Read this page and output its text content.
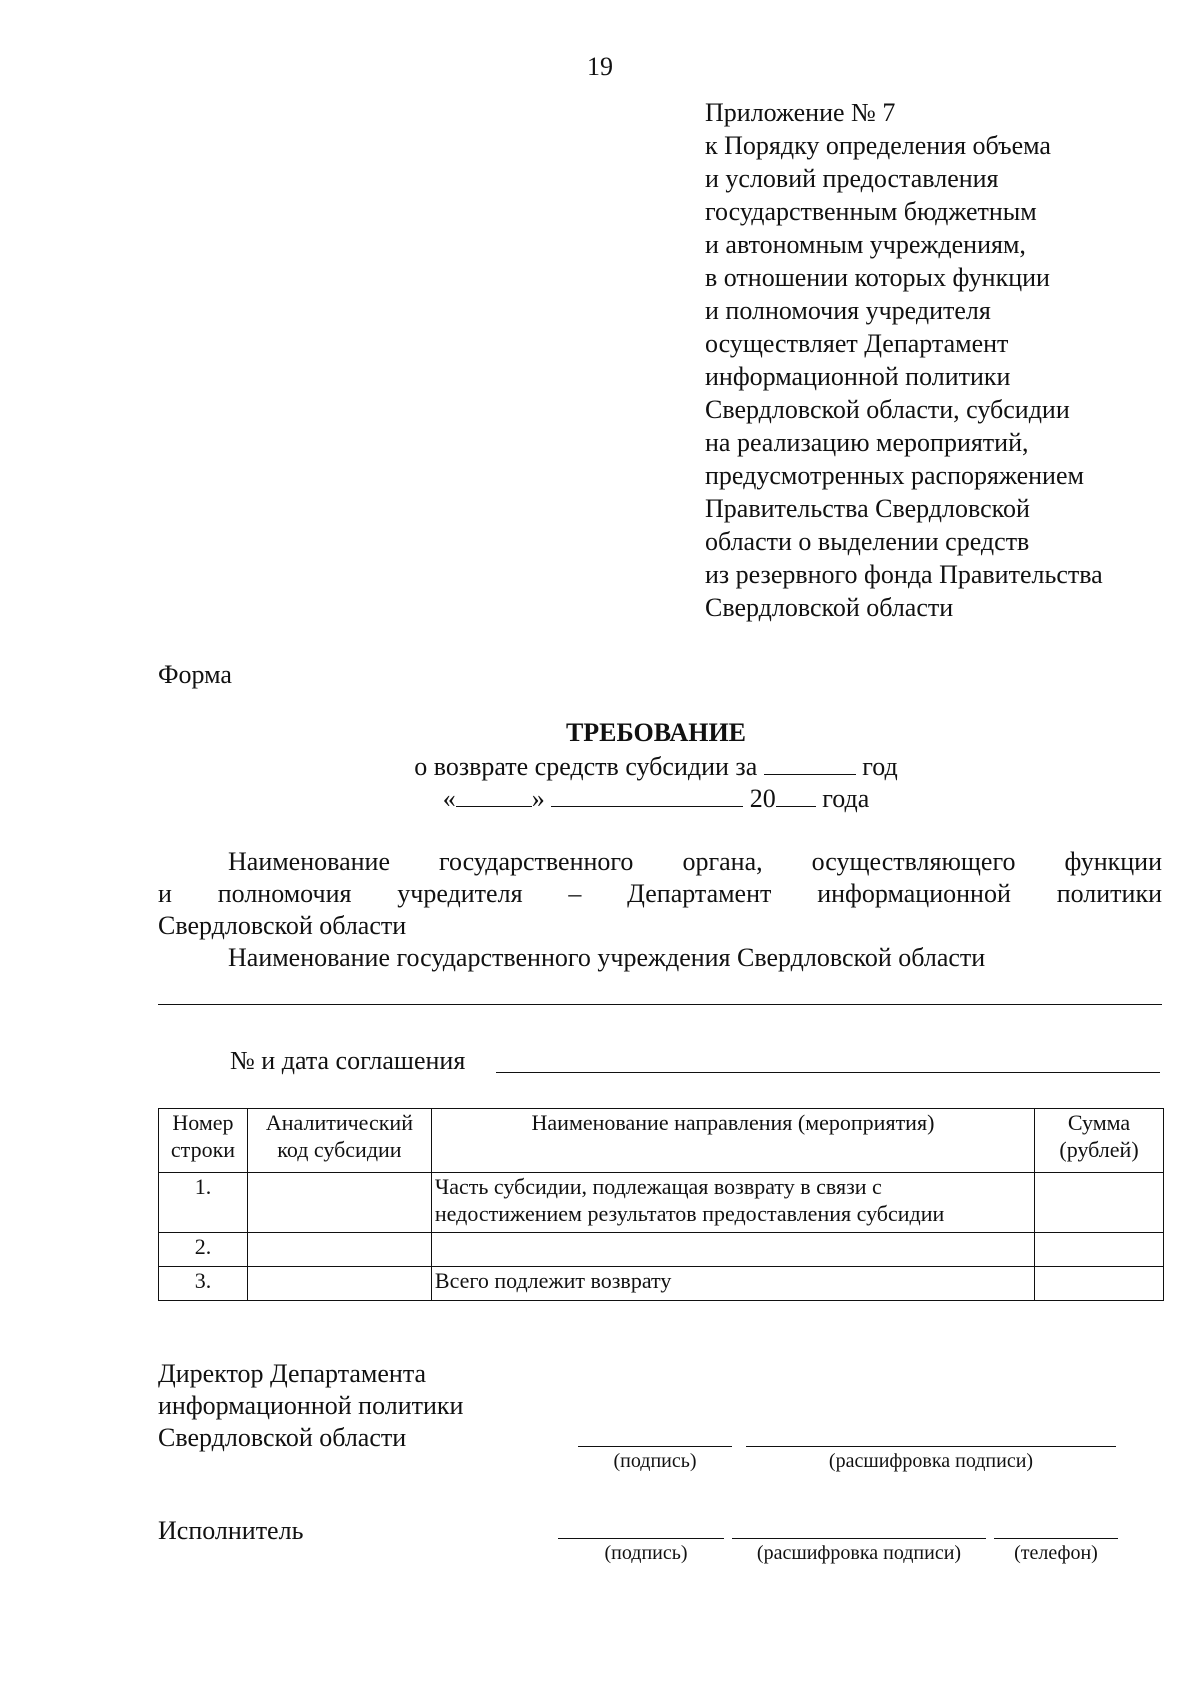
19
Приложение № 7
к Порядку определения объема
и условий предоставления
государственным бюджетным
и автономным учреждениям,
в отношении которых функции
и полномочия учредителя
осуществляет Департамент
информационной политики
Свердловской области, субсидии
на реализацию мероприятий,
предусмотренных распоряжением
Правительства Свердловской
области о выделении средств
из резервного фонда Правительства
Свердловской области
Форма
ТРЕБОВАНИЕ
о возврате средств субсидии за	год
«	»	20 года
Наименование государственного органа, осуществляющего функции
и полномочия учредителя – Департамент информационной политики
Свердловской области
Наименование государственного учреждения Свердловской области
№ и дата соглашения
Номер строки	Аналитический код субсидии	Наименование направления (мероприятия)	Сумма (рублей)
1.		Часть субсидии, подлежащая возврату в связи с недостижением результатов предоставления субсидии	
2.			
3.		Всего подлежит возврату	
Директор Департамента
информационной политики
Свердловской области
(подпись)	(расшифровка подписи)
Исполнитель
(подпись)	(расшифровка подписи)	(телефон)
